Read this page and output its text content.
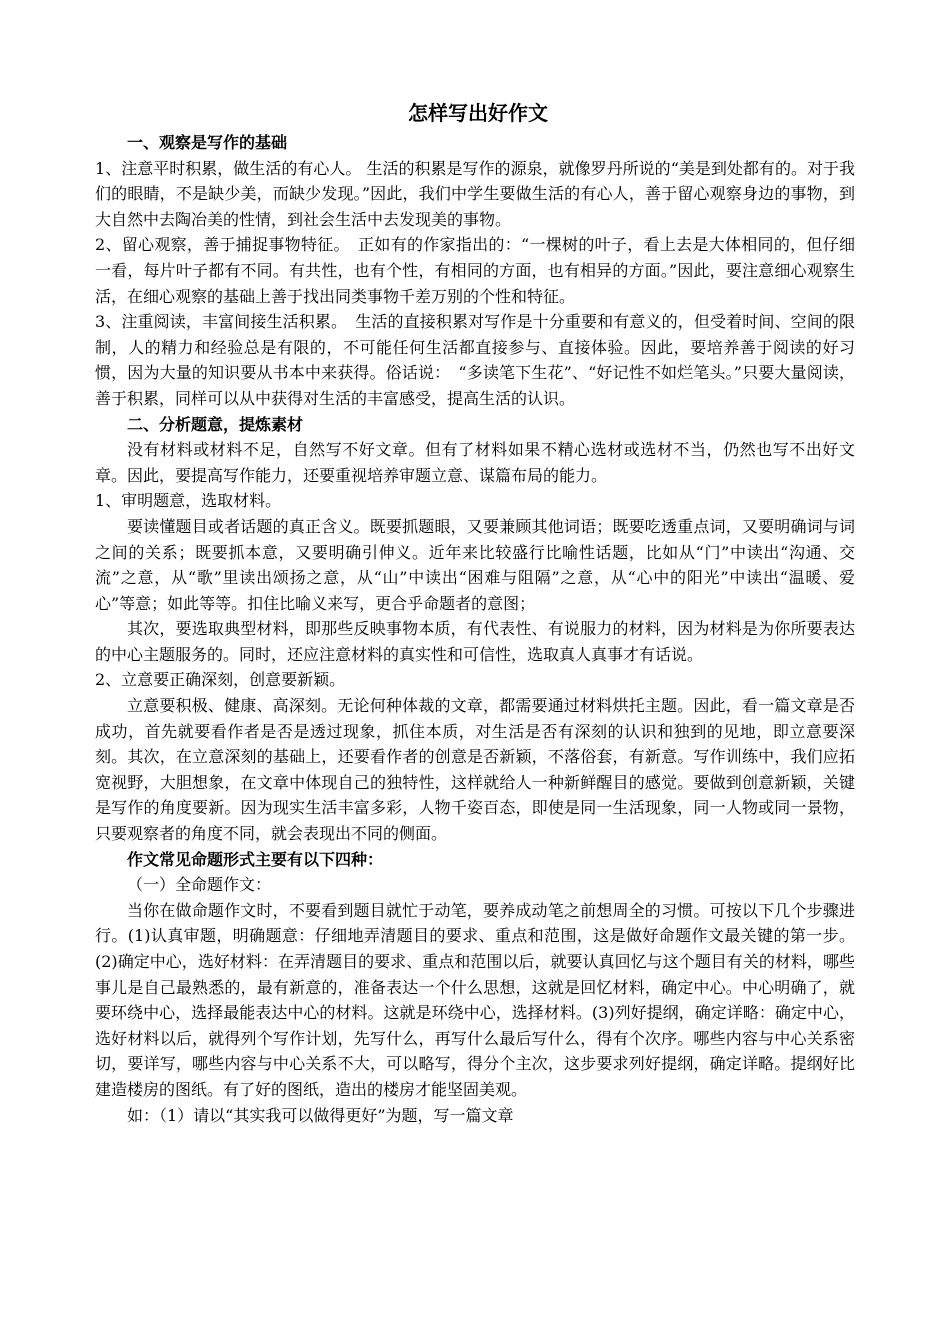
怎样写出好作文

一、观察是写作的基础

1、注意平时积累，做生活的有心人。 生活的积累是写作的源泉，就像罗丹所说的“美是到处都有的。对于我们的眼睛，不是缺少美，而缺少发现。”因此，我们中学生要做生活的有心人，善于留心观察身边的事物，到大自然中去陶冶美的性情，到社会生活中去发现美的事物。

2、留心观察，善于捕捉事物特征。　正如有的作家指出的：“一棵树的叶子，看上去是大体相同的，但仔细一看，每片叶子都有不同。有共性，也有个性，有相同的方面，也有相异的方面。”因此，要注意细心观察生活，在细心观察的基础上善于找出同类事物千差万别的个性和特征。

3、注重阅读，丰富间接生活积累。　生活的直接积累对写作是十分重要和有意义的，但受着时间、空间的限制，人的精力和经验总是有限的，不可能任何生活都直接参与、直接体验。因此，要培养善于阅读的好习惯，因为大量的知识要从书本中来获得。俗话说：　“多读笔下生花”、“好记性不如烂笔头。”只要大量阅读，善于积累，同样可以从中获得对生活的丰富感受，提高生活的认识。

二、分析题意，提炼素材

没有材料或材料不足，自然写不好文章。但有了材料如果不精心选材或选材不当，仍然也写不出好文章。因此，要提高写作能力，还要重视培养审题立意、谋篇布局的能力。

1、审明题意，选取材料。

要读懂题目或者话题的真正含义。既要抓题眼，又要兼顾其他词语；既要吃透重点词，又要明确词与词之间的关系；既要抓本意，又要明确引伸义。近年来比较盛行比喻性话题，比如从“门”中读出“沟通、交流”之意，从“歌”里读出颂扬之意，从“山”中读出“困难与阻隔”之意，从“心中的阳光”中读出“温暖、爱心”等意；如此等等。扣住比喻义来写，更合乎命题者的意图；

其次，要选取典型材料，即那些反映事物本质，有代表性、有说服力的材料，因为材料是为你所要表达的中心主题服务的。同时，还应注意材料的真实性和可信性，选取真人真事才有话说。

2、立意要正确深刻，创意要新颖。

立意要积极、健康、高深刻。无论何种体裁的文章，都需要通过材料烘托主题。因此，看一篇文章是否成功，首先就要看作者是否是透过现象，抓住本质，对生活是否有深刻的认识和独到的见地，即立意要深刻。其次，在立意深刻的基础上，还要看作者的创意是否新颖，不落俗套，有新意。写作训练中，我们应拓宽视野，大胆想象，在文章中体现自己的独特性，这样就给人一种新鲜醒目的感觉。要做到创意新颖，关键是写作的角度要新。因为现实生活丰富多彩，人物千姿百态，即使是同一生活现象，同一人物或同一景物，只要观察者的角度不同，就会表现出不同的侧面。

作文常见命题形式主要有以下四种：

（一）全命题作文：

当你在做命题作文时，不要看到题目就忙于动笔，要养成动笔之前想周全的习惯。可按以下几个步骤进行。(1)认真审题，明确题意：仔细地弄清题目的要求、重点和范围，这是做好命题作文最关键的第一步。(2)确定中心，选好材料：在弄清题目的要求、重点和范围以后，就要认真回忆与这个题目有关的材料，哪些事儿是自己最熟悉的，最有新意的，准备表达一个什么思想，这就是回忆材料，确定中心。中心明确了，就要环绕中心，选择最能表达中心的材料。这就是环绕中心，选择材料。(3)列好提纲，确定详略：确定中心，选好材料以后，就得列个写作计划，先写什么，再写什么最后写什么，得有个次序。哪些内容与中心关系密切，要详写，哪些内容与中心关系不大，可以略写，得分个主次，这步要求列好提纲，确定详略。提纲好比建造楼房的图纸。有了好的图纸，造出的楼房才能坚固美观。

如：（1）请以“其实我可以做得更好”为题，写一篇文章
